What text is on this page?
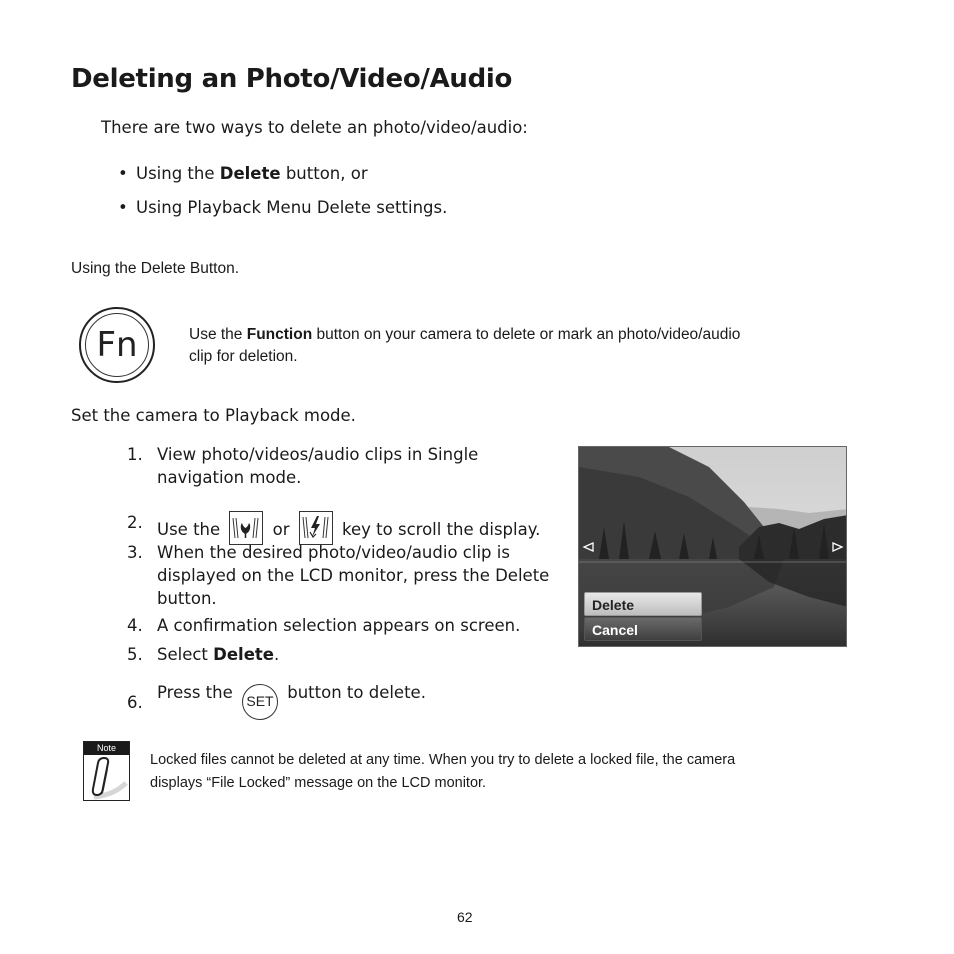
Deleting an Photo/Video/Audio
There are two ways to delete an photo/video/audio:
• Using the Delete button, or
• Using Playback Menu Delete settings.
Using the Delete Button.
Fn	Use the Function button on your camera to delete or mark an photo/video/audio
clip for deletion.
Set the camera to Playback mode.
1. View photo/videos/audio clips in Single
navigation mode.
2. Use the	or	key to scroll the display.
3. When the desired photo/video/audio clip is
displayed on the LCD monitor, press the Delete
button.
4. A confirmation selection appears on screen.
5. Select Delete.
6.
Press the SET button to delete.
Delete
Cancel
Note
Locked files cannot be deleted at any time. When you try to delete a locked file, the camera
displays “File Locked” message on the LCD monitor.
62
